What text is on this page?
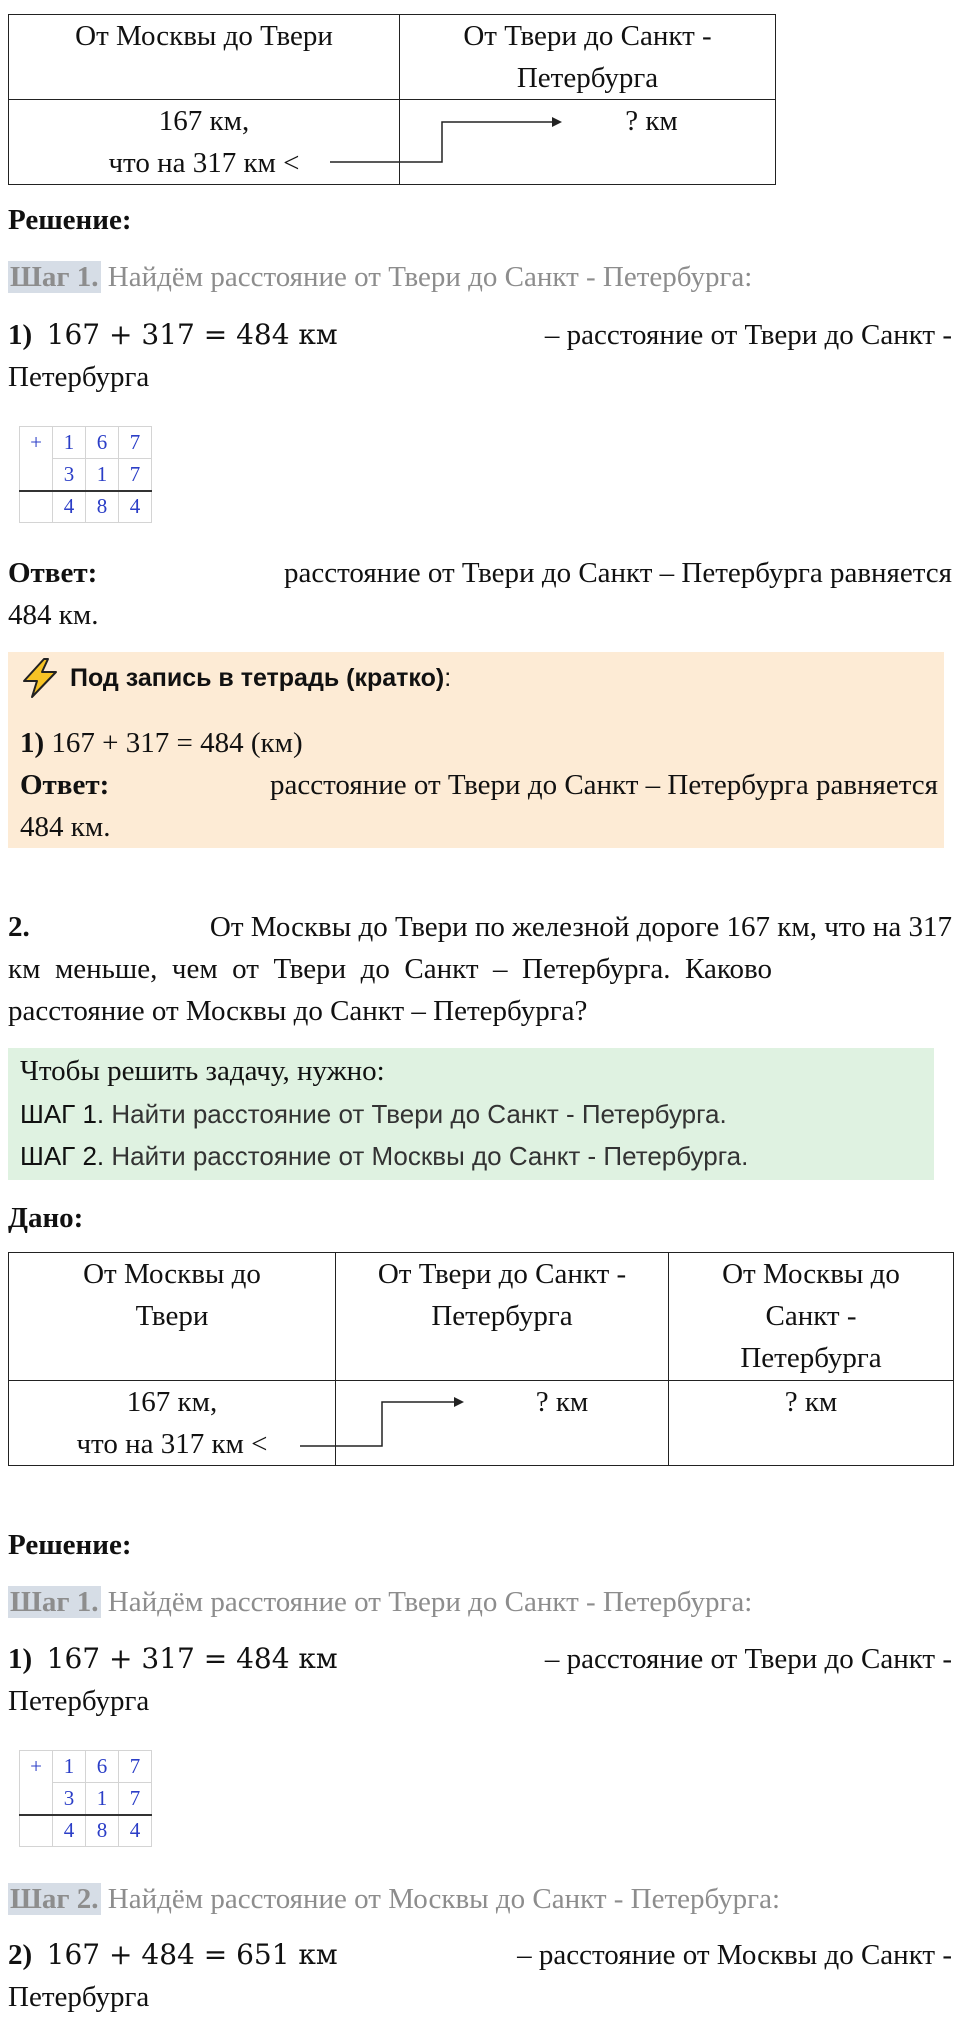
От Москвы до Твери	От Твери до Санкт -
Петербурга
167 км,
что на 317 км <	? км

Решение:

Шаг 1. Найдём расстояние от Твери до Санкт - Петербурга:

1) 167 + 317 = 484 км	– расстояние от Твери до Санкт -

Петербурга

+	1	6	7
	3	1	7
	4	8	4

Ответ:	расстояние от Твери до Санкт – Петербурга равняется

484 км.

Под запись в тетрадь (кратко) :

1) 167 + 317 = 484 (км)

Ответ:	расстояние от Твери до Санкт – Петербурга равняется

484 км.

2.	От Москвы до Твери по железной дороге 167 км, что на 317

км  меньше,  чем  от  Твери  до  Санкт  –  Петербурга.  Каково

расстояние от Москвы до Санкт – Петербурга?

Чтобы решить задачу, нужно:

ШАГ 1. Найти расстояние от Твери до Санкт - Петербурга.

ШАГ 2. Найти расстояние от Москвы до Санкт - Петербурга.

Дано:

От Москвы до
Твери	От Твери до Санкт -
Петербурга	От Москвы до
Санкт -
Петербурга
167 км,
что на 317 км <	? км	? км

Решение:

Шаг 1. Найдём расстояние от Твери до Санкт - Петербурга:

1) 167 + 317 = 484 км	– расстояние от Твери до Санкт -

Петербурга

+	1	6	7
	3	1	7
	4	8	4

Шаг 2. Найдём расстояние от Москвы до Санкт - Петербурга:

2) 167 + 484 = 651 км	– расстояние от Москвы до Санкт -

Петербурга
